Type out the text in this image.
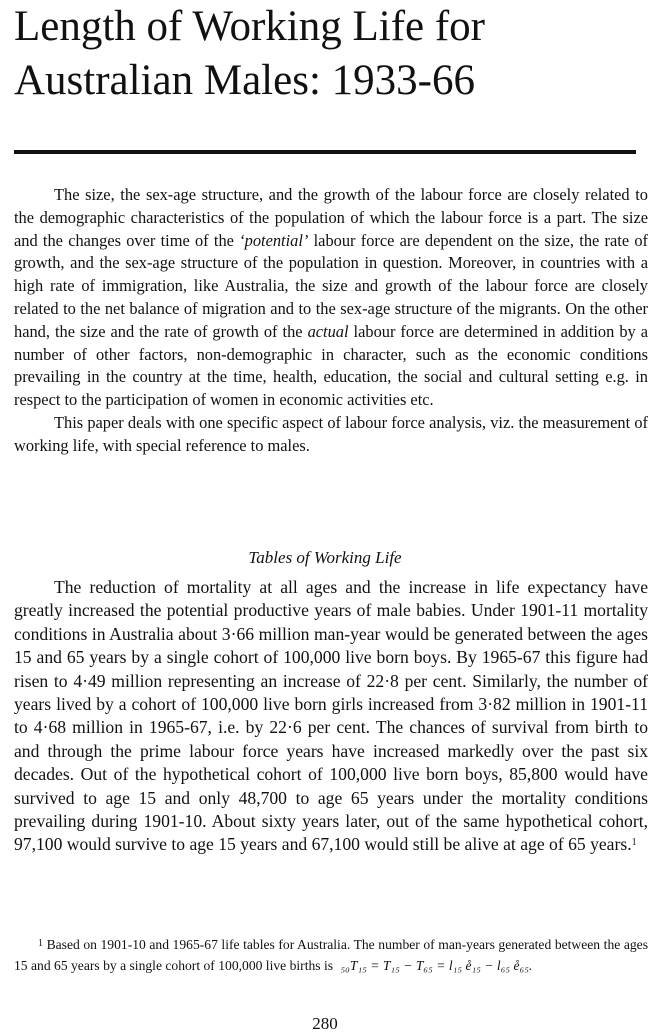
Length of Working Life for Australian Males: 1933-66

The size, the sex-age structure, and the growth of the labour force are closely related to the demographic characteristics of the population of which the labour force is a part. The size and the changes over time of the ‘potential’ labour force are dependent on the size, the rate of growth, and the sex-age structure of the population in question. Moreover, in countries with a high rate of immigration, like Australia, the size and growth of the labour force are closely related to the net balance of migration and to the sex-age structure of the migrants. On the other hand, the size and the rate of growth of the actual labour force are determined in addition by a number of other factors, non-demographic in character, such as the economic conditions prevailing in the country at the time, health, education, the social and cultural setting e.g. in respect to the participation of women in economic activities etc.

This paper deals with one specific aspect of labour force analysis, viz. the measurement of working life, with special reference to males.

Tables of Working Life

The reduction of mortality at all ages and the increase in life expectancy have greatly increased the potential productive years of male babies. Under 1901-11 mortality conditions in Australia about 3·66 million man-year would be generated between the ages 15 and 65 years by a single cohort of 100,000 live born boys. By 1965-67 this figure had risen to 4·49 million representing an increase of 22·8 per cent. Similarly, the number of years lived by a cohort of 100,000 live born girls increased from 3·82 million in 1901-11 to 4·68 million in 1965-67, i.e. by 22·6 per cent. The chances of survival from birth to and through the prime labour force years have increased markedly over the past six decades. Out of the hypothetical cohort of 100,000 live born boys, 85,800 would have survived to age 15 and only 48,700 to age 65 years under the mortality conditions prevailing during 1901-10. About sixty years later, out of the same hypothetical cohort, 97,100 would survive to age 15 years and 67,100 would still be alive at age of 65 years.$^1$

$^1$ Based on 1901-10 and 1965-67 life tables for Australia. The number of man-years generated between the ages 15 and 65 years by a single cohort of 100,000 live births is ₅₀T₁₅ = T₁₅ − T₆₅ = l₁₅ e̊₁₅ − l₆₅ e̊₆₅.
280
